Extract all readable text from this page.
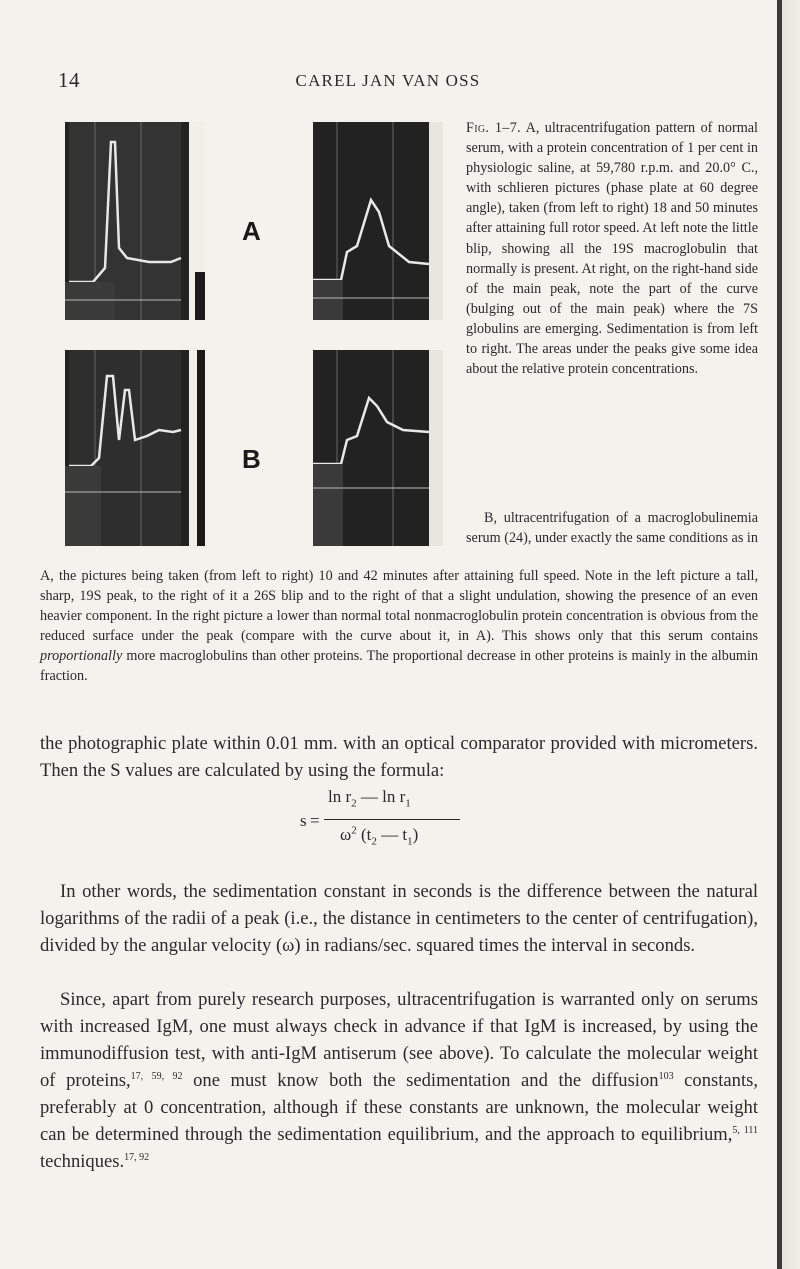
14	CAREL JAN VAN OSS
A
B

Fig. 1–7. A, ultracentrifugation pattern of normal serum, with a protein concentration of 1 per cent in physiologic saline, at 59,780 r.p.m. and 20.0° C., with schlieren pictures (phase plate at 60 degree angle), taken (from left to right) 18 and 50 minutes after attaining full rotor speed. At left note the little blip, showing all the 19S macroglobulin that normally is present. At right, on the right-hand side of the main peak, note the part of the curve (bulging out of the main peak) where the 7S globulins are emerging. Sedimentation is from left to right. The areas under the peaks give some idea about the relative protein concentrations.

B, ultracentrifugation of a macroglobulinemia serum (24), under exactly the same conditions as in

A, the pictures being taken (from left to right) 10 and 42 minutes after attaining full speed. Note in the left picture a tall, sharp, 19S peak, to the right of it a 26S blip and to the right of that a slight undulation, showing the presence of an even heavier component. In the right picture a lower than normal total nonmacroglobulin protein concentration is obvious from the reduced surface under the peak (compare with the curve about it, in A). This shows only that this serum contains proportionally more macroglobulins than other proteins. The proportional decrease in other proteins is mainly in the albumin fraction.

the photographic plate within 0.01 mm. with an optical comparator provided with micrometers. Then the S values are calculated by using the formula:

s =
$\ln r_2$ — $\ln r_1$
$\omega^2$ ($t_2$ — $t_1$)

In other words, the sedimentation constant in seconds is the difference between the natural logarithms of the radii of a peak (i.e., the distance in centimeters to the center of centrifugation), divided by the angular velocity (ω) in radians/sec. squared times the interval in seconds.

Since, apart from purely research purposes, ultracentrifugation is warranted only on serums with increased IgM, one must always check in advance if that IgM is increased, by using the immunodiffusion test, with anti-IgM antiserum (see above). To calculate the molecular weight of proteins,$^{17, 59, 92}$ one must know both the sedimentation and the diffusion$^{103}$ constants, preferably at 0 concentration, although if these constants are unknown, the molecular weight can be determined through the sedimentation equilibrium, and the approach to equilibrium,$^{5, 111}$ techniques.$^{17, 92}$
